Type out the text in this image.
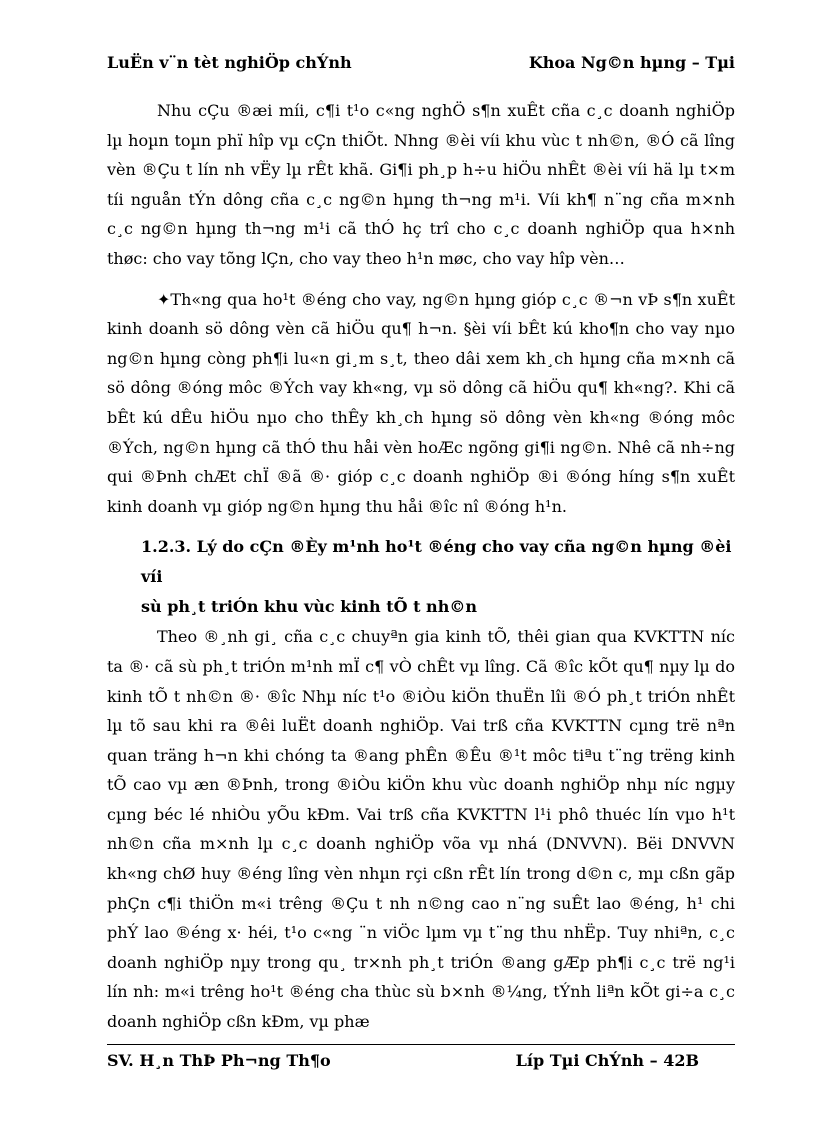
LuËn v¨n tèt nghiÖp chÝnh	Khoa Ng©n hµng – Tµi

Nhu cÇu ®æi míi, c¶i t¹o c«ng nghÖ s¶n xuÊt cña c¸c doanh nghiÖp lµ hoµn toµn phï hîp vµ cÇn thiÕt. Nhng ®èi víi khu vùc t nh©n, ®Ó cã lîng vèn ®Çu t lín nh vËy lµ rÊt khã. Gi¶i ph¸p h÷u hiÖu nhÊt ®èi víi hä lµ t×m tíi nguån tÝn dông cña c¸c ng©n hµng th¬ng m¹i. Víi kh¶ n¨ng cña m×nh c¸c ng©n hµng th¬ng m¹i cã thÓ hç trî cho c¸c doanh nghiÖp qua h×nh thøc: cho vay tõng lÇn, cho vay theo h¹n møc, cho vay hîp vèn…

✦Th«ng qua ho¹t ®éng cho vay, ng©n hµng gióp c¸c ®¬n vÞ s¶n xuÊt kinh doanh sö dông vèn cã hiÖu qu¶ h¬n. §èi víi bÊt kú kho¶n cho vay nµo ng©n hµng còng ph¶i lu«n gi¸m s¸t, theo dâi xem kh¸ch hµng cña m×nh cã sö dông ®óng môc ®Ých vay kh«ng, vµ sö dông cã hiÖu qu¶ kh«ng?. Khi cã bÊt kú dÊu hiÖu nµo cho thÊy kh¸ch hµng sö dông vèn kh«ng ®óng môc ®Ých, ng©n hµng cã thÓ thu håi vèn hoÆc ngõng gi¶i ng©n. Nhê cã nh÷ng qui ®Þnh chÆt chÏ ®ã ®· gióp c¸c doanh nghiÖp ®i ®óng híng s¶n xuÊt kinh doanh vµ gióp ng©n hµng thu håi ®îc nî ®óng h¹n.

1.2.3. Lý do cÇn ®Èy m¹nh ho¹t ®éng cho vay cña ng©n hµng ®èi víi
sù ph¸t triÓn khu vùc kinh tÕ t nh©n

Theo ®¸nh gi¸ cña c¸c chuyªn gia kinh tÕ, thêi gian qua KVKTTN níc ta ®· cã sù ph¸t triÓn m¹nh mÏ c¶ vÒ chÊt vµ lîng. Cã ®îc kÕt qu¶ nµy lµ do kinh tÕ t nh©n ®· ®îc Nhµ níc t¹o ®iÒu kiÖn thuËn lîi ®Ó ph¸t triÓn nhÊt lµ tõ sau khi ra ®êi luËt doanh nghiÖp. Vai trß cña KVKTTN cµng trë nªn quan träng h¬n khi chóng ta ®ang phÊn ®Êu ®¹t môc tiªu t¨ng trëng kinh tÕ cao vµ æn ®Þnh, trong ®iÒu kiÖn khu vùc doanh nghiÖp nhµ níc ngµy cµng béc lé nhiÒu yÕu kÐm. Vai trß cña KVKTTN l¹i phô thuéc lín vµo h¹t nh©n cña m×nh lµ c¸c doanh nghiÖp võa vµ nhá (DNVVN). Bëi DNVVN kh«ng chØ huy ®éng lîng vèn nhµn rçi cßn rÊt lín trong d©n c, mµ cßn gãp phÇn c¶i thiÖn m«i trêng ®Çu t nh n©ng cao n¨ng suÊt lao ®éng, h¹ chi phÝ lao ®éng x· héi, t¹o c«ng ¨n viÖc lµm vµ t¨ng thu nhËp. Tuy nhiªn, c¸c doanh nghiÖp nµy trong qu¸ tr×nh ph¸t triÓn ®ang gÆp ph¶i c¸c trë ng¹i lín nh: m«i trêng ho¹t ®éng cha thùc sù b×nh ®¼ng, tÝnh liªn kÕt gi÷a c¸c doanh nghiÖp cßn kÐm, vµ phæ

SV. H¸n ThÞ Ph¬ng Th¶o	Líp Tµi ChÝnh – 42B
